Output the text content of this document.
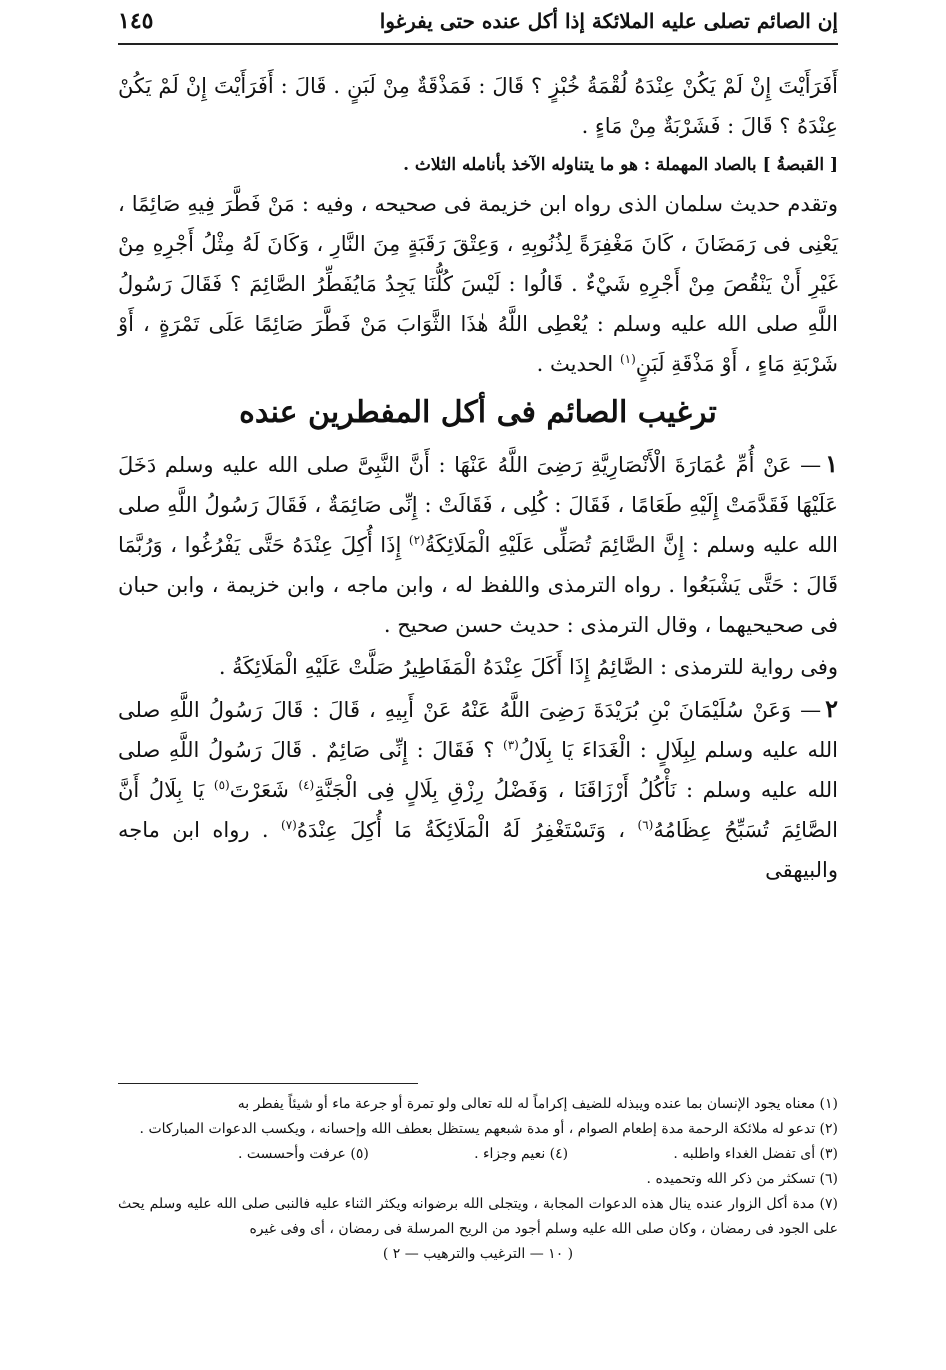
إن الصائم تصلى عليه الملائكة إذا أكل عنده حتى يفرغوا
١٤٥

أَفَرَأَيْتَ إِنْ لَمْ يَكُنْ عِنْدَهُ لُقْمَةُ خُبْزٍ ؟ قَالَ : فَمَذْقَةٌ مِنْ لَبَنٍ . قَالَ : أَفَرَأَيْتَ إِنْ لَمْ يَكُنْ عِنْدَهُ ؟ قَالَ : فَشَرْبَةٌ مِنْ مَاءٍ .

[ القبصةُ ] بالصاد المهملة : هو ما يتناوله الآخذ بأنامله الثلاث .

وتقدم حديث سلمان الذى رواه ابن خزيمة فى صحيحه ، وفيه : مَنْ فَطَّرَ فِيهِ صَائِمًا ، يَعْنِى فى رَمَضَانَ ، كَانَ مَغْفِرَةً لِذُنُوبِهِ ، وَعِتْقَ رَقَبَةٍ مِنَ النَّارِ ، وَكَانَ لَهُ مِثْلُ أَجْرِهِ مِنْ غَيْرِ أَنْ يَنْقُصَ مِنْ أَجْرِهِ شَيْءٌ . قَالُوا : لَيْسَ كُلُّنَا يَجِدُ مَايُفَطِّرُ الصَّائِمَ ؟ فَقَالَ رَسُولُ اللَّهِ صلى الله عليه وسلم : يُعْطِى اللَّهُ هٰذَا الثَّوَابَ مَنْ فَطَّرَ صَائِمًا عَلَى تَمْرَةٍ ، أَوْ شَرْبَةِ مَاءٍ ، أَوْ مَذْقَةِ لَبَنٍ$^{(١)}$ الحديث .

ترغيب الصائم فى أكل المفطرين عنده

١— عَنْ أُمِّ عُمَارَةَ الْأَنْصَارِيَّةِ رَضِىَ اللَّهُ عَنْهَا : أَنَّ النَّبِىَّ صلى الله عليه وسلم دَخَلَ عَلَيْهَا فَقَدَّمَتْ إِلَيْهِ طَعَامًا ، فَقَالَ : كُلِى ، فَقَالَتْ : إِنِّى صَائِمَةٌ ، فَقَالَ رَسُولُ اللَّهِ صلى الله عليه وسلم : إِنَّ الصَّائِمَ تُصَلِّى عَلَيْهِ الْمَلَائِكَةُ$^{(٢)}$ إِذَا أُكِلَ عِنْدَهُ حَتَّى يَفْرُغُوا ، وَرُبَّمَا قَالَ : حَتَّى يَشْبَعُوا . رواه الترمذى واللفظ له ، وابن ماجه ، وابن خزيمة ، وابن حبان فى صحيحيهما ، وقال الترمذى : حديث حسن صحيح .

وفى رواية للترمذى : الصَّائِمُ إِذَا أَكَلَ عِنْدَهُ الْمَفَاطِيرُ صَلَّتْ عَلَيْهِ الْمَلَائِكَةُ .

٢— وَعَنْ سُلَيْمَانَ بْنِ بُرَيْدَةَ رَضِىَ اللَّهُ عَنْهُ عَنْ أَبِيهِ ، قَالَ : قَالَ رَسُولُ اللَّهِ صلى الله عليه وسلم لِبِلَالٍ : الْغَدَاءَ يَا بِلَالُ$^{(٣)}$ ؟ فَقَالَ : إِنِّى صَائِمٌ . قَالَ رَسُولُ اللَّهِ صلى الله عليه وسلم : نَأْكُلُ أَرْزَاقَنَا ، وَفَضْلُ رِزْقِ بِلَالٍ فِى الْجَنَّةِ$^{(٤)}$ شَعَرْتَ$^{(٥)}$ يَا بِلَالُ أَنَّ الصَّائِمَ تُسَبِّحُ عِظَامُهُ$^{(٦)}$ ، وَتَسْتَغْفِرُ لَهُ الْمَلَائِكَةُ مَا أُكِلَ عِنْدَهُ$^{(٧)}$ . رواه ابن ماجه والبيهقى

(١) معناه يجود الإنسان بما عنده ويبذله للضيف إكراماً له لله تعالى ولو تمرة أو جرعة ماء أو شيئاً يفطر به

(٢) تدعو له ملائكة الرحمة مدة إطعام الصوام ، أو مدة شبعهم يستظل بعطف الله وإحسانه ، ويكسب الدعوات المباركات .

(٣) أى تفضل الغداء واطلبه .
(٤) نعيم وجزاء .
(٥) عرفت وأحسست .

(٦) تسكثر من ذكر الله وتحميده .

(٧) مدة أكل الزوار عنده ينال هذه الدعوات المجابة ، ويتجلى الله برضوانه ويكثر الثناء عليه فالنبى صلى الله عليه وسلم يحث على الجود فى رمضان ، وكان صلى الله عليه وسلم أجود من الريح المرسلة فى رمضان ، أى وفى غيره

( ١٠ — الترغيب والترهيب — ٢ )
